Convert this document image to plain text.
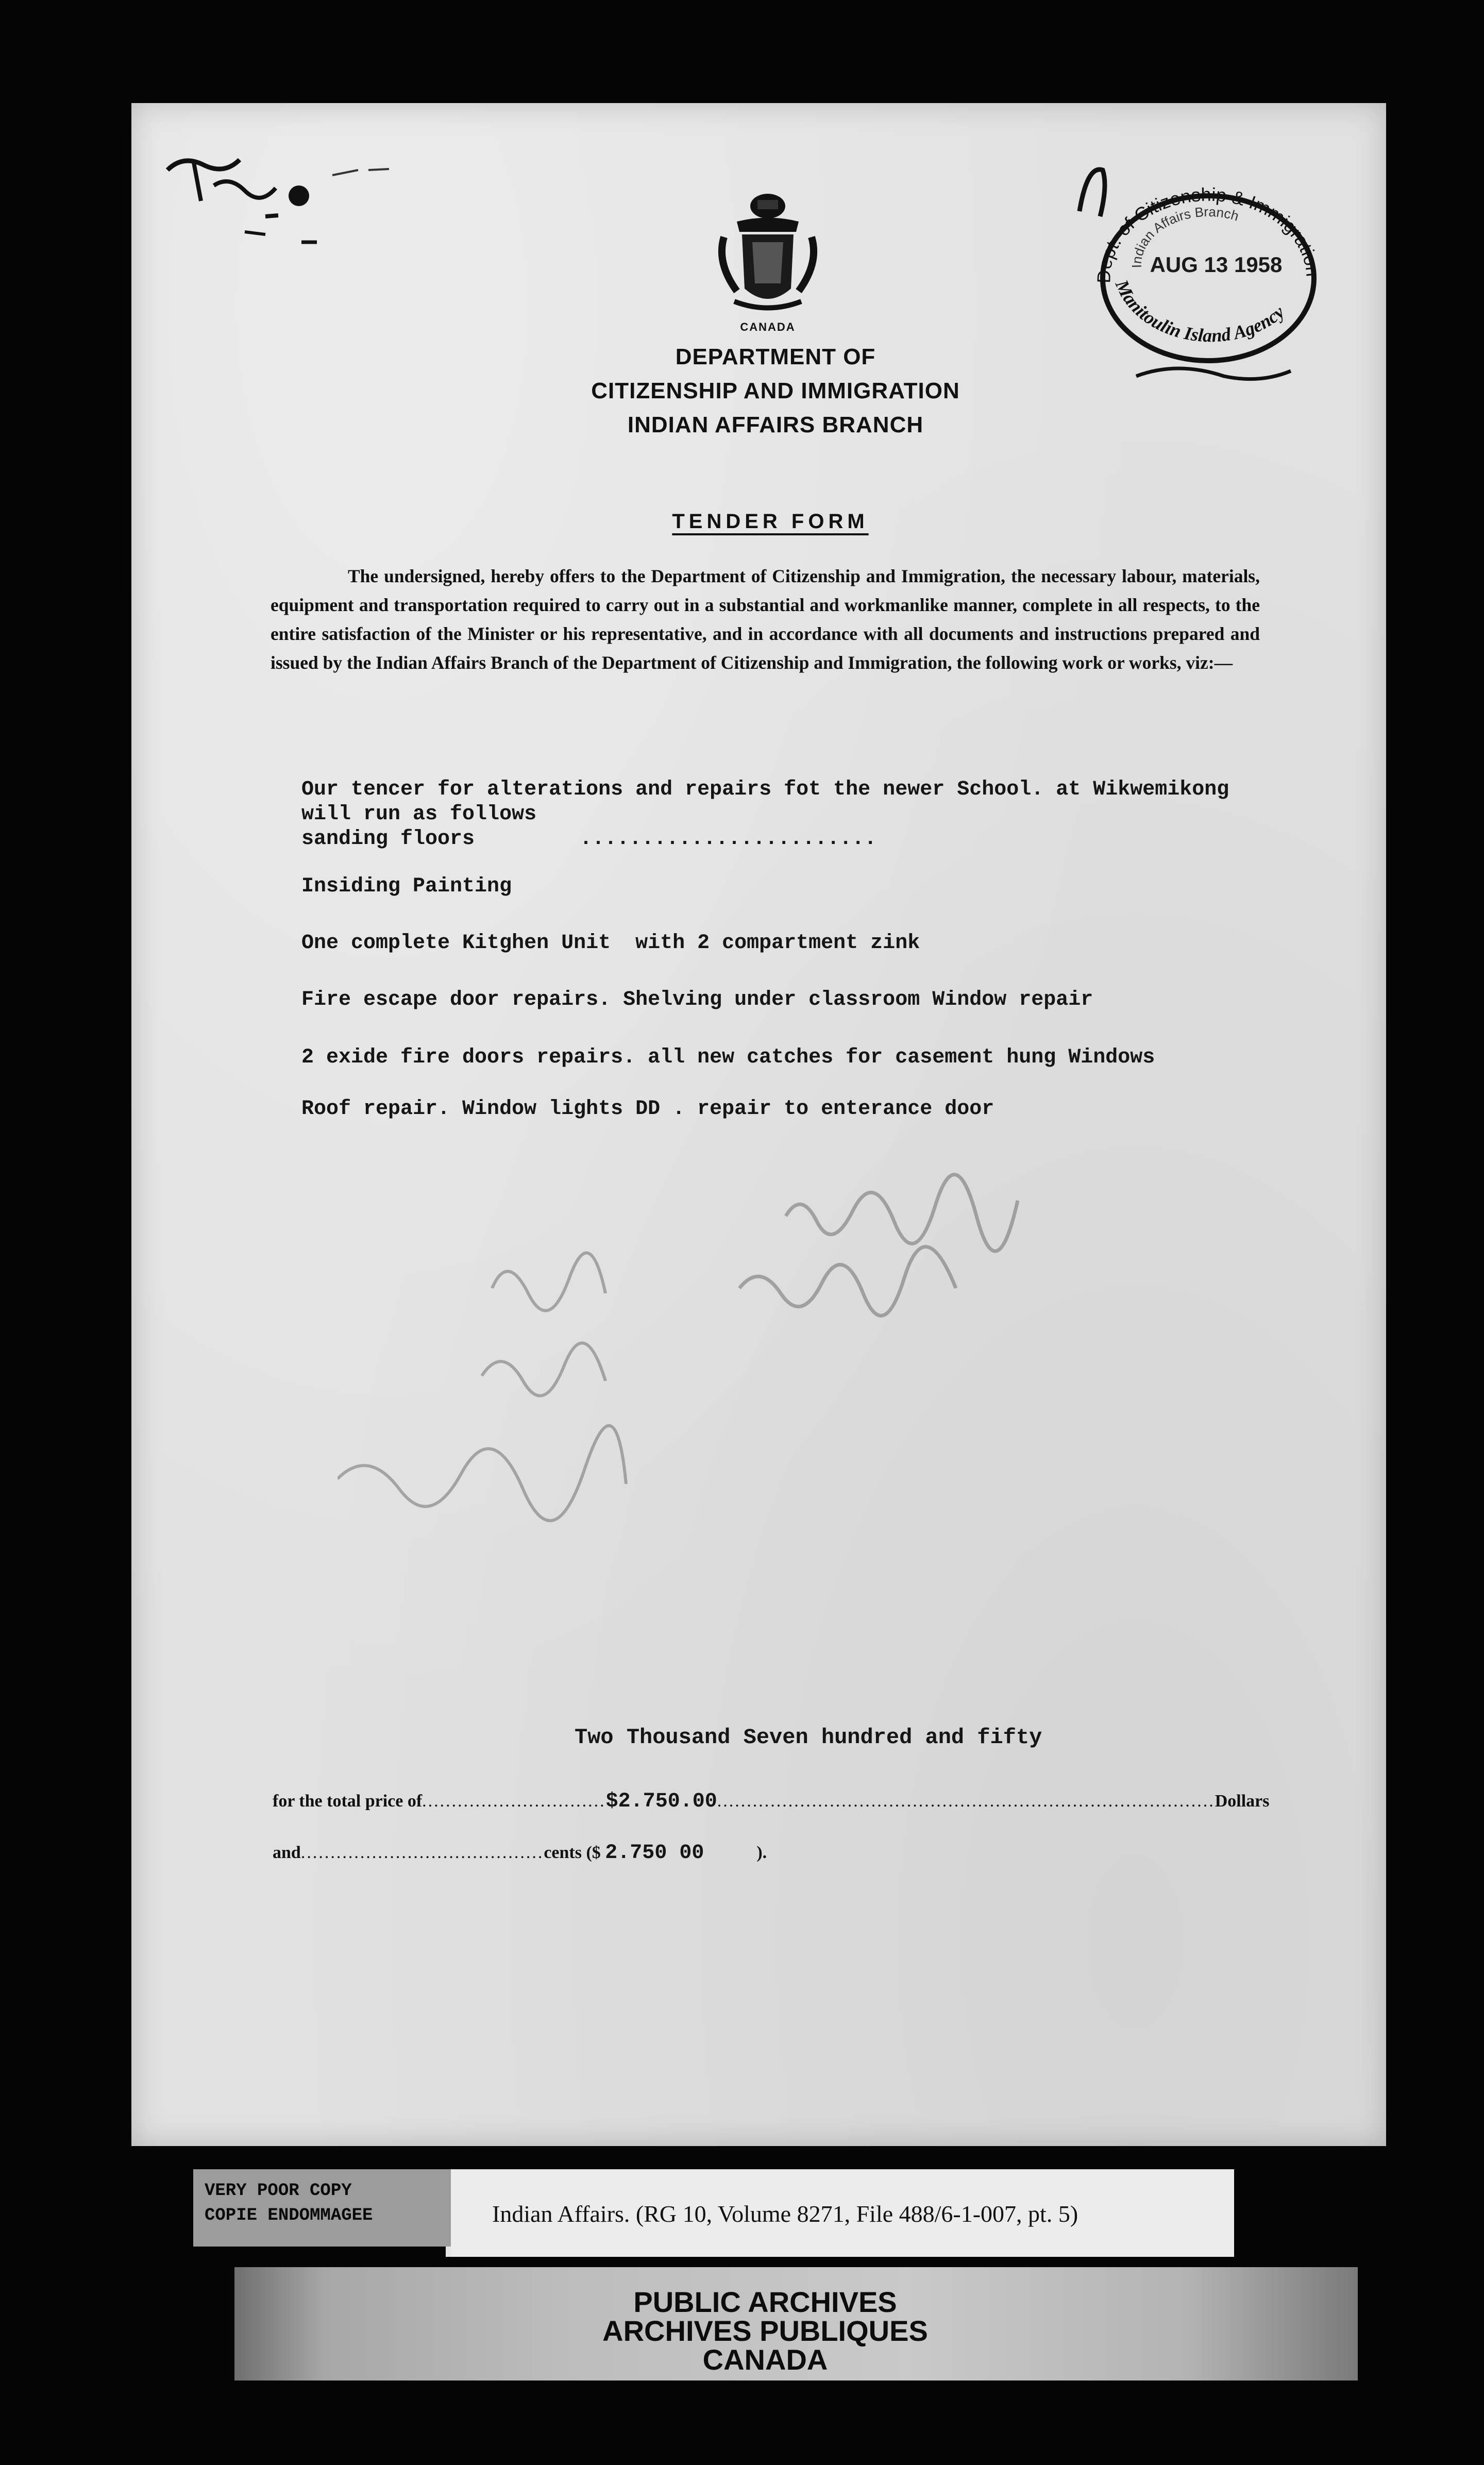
CANADA
DEPARTMENT OF
CITIZENSHIP AND IMMIGRATION
INDIAN AFFAIRS BRANCH
Dept. of Citizenship & Immigration
Indian Affairs Branch
Manitoulin Island Agency
AUG 13 1958
TENDER FORM
The undersigned, hereby offers to the Department of Citizenship and Immigration, the necessary labour, materials, equipment and transportation required to carry out in a substantial and workmanlike manner, complete in all respects, to the entire satisfaction of the Minister or his representative, and in accordance with all documents and instructions prepared and issued by the Indian Affairs Branch of the Department of Citizenship and Immigration, the following work or works, viz:—
Our tencer for alterations and repairs fot the newer School. at Wikwemikong
will run as follows
sanding floors	........................
Insiding Painting
One complete Kitghen Unit  with 2 compartment zink
Fire escape door repairs. Shelving under classroom Window repair
2 exide fire doors repairs. all new catches for casement hung Windows
Roof repair. Window lights DD . repair to enterance door
Two Thousand Seven hundred and fifty

for the total price of...............................$2.750.00....................................................................................Dollars

and.........................................cents ($ 2.750 00	).

VERY POOR COPY
COPIE ENDOMMAGEE	Indian Affairs. (RG 10, Volume 8271, File 488/6-1-007, pt. 5)
PUBLIC ARCHIVES
ARCHIVES PUBLIQUES
CANADA
